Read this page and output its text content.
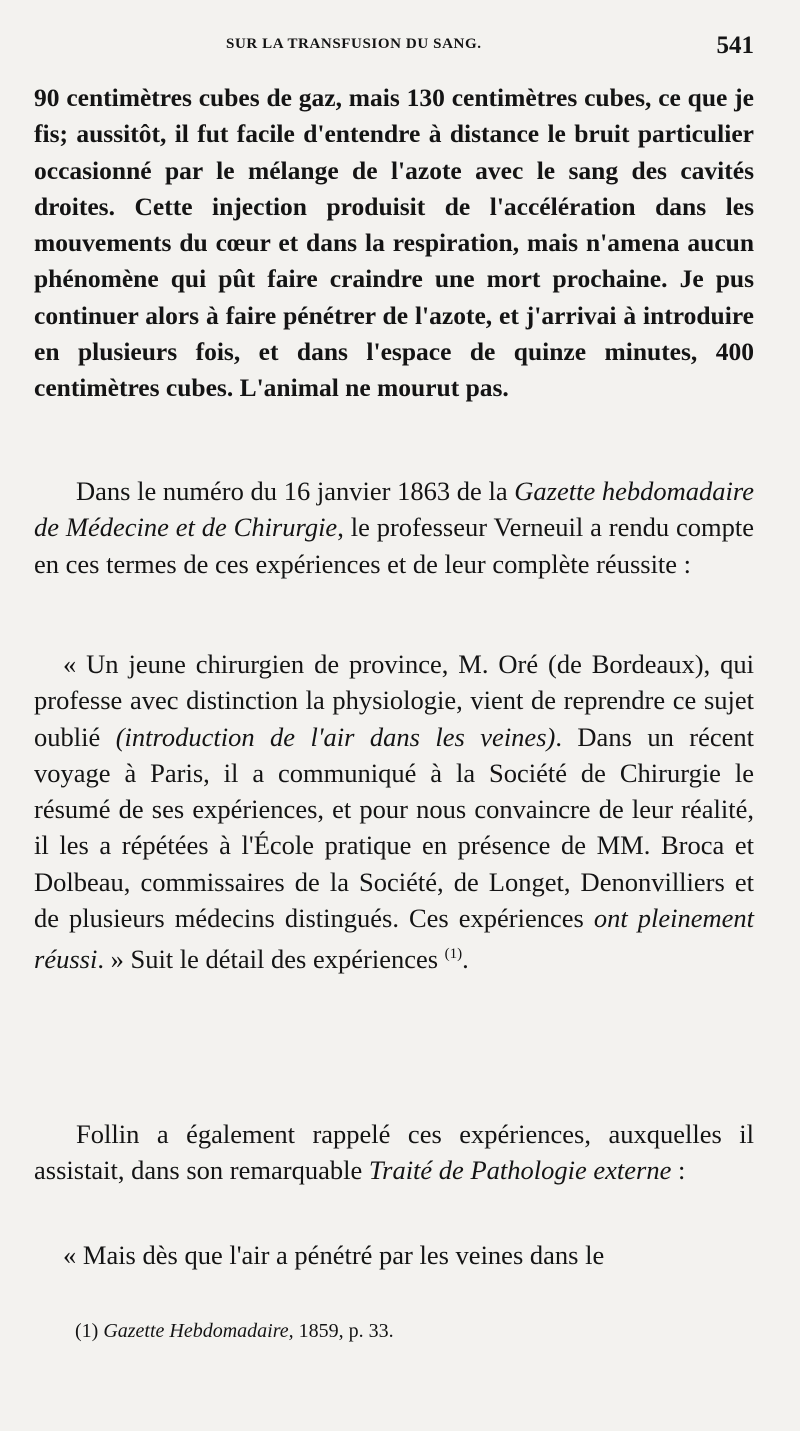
SUR LA TRANSFUSION DU SANG.	541

90 centimètres cubes de gaz, mais 130 centimètres cubes, ce que je fis; aussitôt, il fut facile d'entendre à distance le bruit particulier occasionné par le mélange de l'azote avec le sang des cavités droites. Cette injection produisit de l'accélération dans les mouvements du cœur et dans la respiration, mais n'amena aucun phénomène qui pût faire craindre une mort prochaine. Je pus continuer alors à faire pénétrer de l'azote, et j'arrivai à introduire en plusieurs fois, et dans l'espace de quinze minutes, 400 centimètres cubes. L'animal ne mourut pas.

Dans le numéro du 16 janvier 1863 de la Gazette hebdomadaire de Médecine et de Chirurgie, le professeur Verneuil a rendu compte en ces termes de ces expériences et de leur complète réussite :

« Un jeune chirurgien de province, M. Oré (de Bordeaux), qui professe avec distinction la physiologie, vient de reprendre ce sujet oublié (introduction de l'air dans les veines). Dans un récent voyage à Paris, il a communiqué à la Société de Chirurgie le résumé de ses expériences, et pour nous convaincre de leur réalité, il les a répétées à l'École pratique en présence de MM. Broca et Dolbeau, commissaires de la Société, de Longet, Denonvilliers et de plusieurs médecins distingués. Ces expériences ont pleinement réussi. » Suit le détail des expériences $^{(1)}$.

Follin a également rappelé ces expériences, auxquelles il assistait, dans son remarquable Traité de Pathologie externe :

« Mais dès que l'air a pénétré par les veines dans le

(1) Gazette Hebdomadaire, 1859, p. 33.
